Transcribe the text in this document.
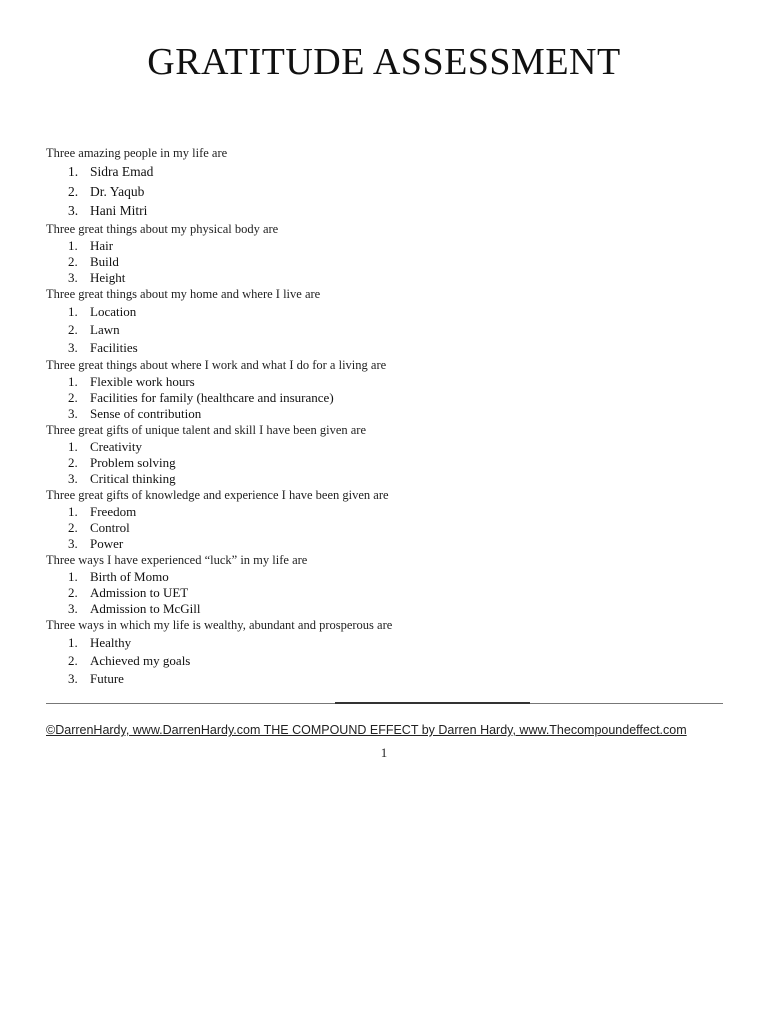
GRATITUDE ASSESSMENT
Three amazing people in my life are
1. Sidra Emad
2. Dr. Yaqub
3. Hani Mitri
Three great things about my physical body are
1. Hair
2. Build
3. Height
Three great things about my home and where I live are
1. Location
2. Lawn
3. Facilities
Three great things about where I work and what I do for a living are
1. Flexible work hours
2. Facilities for family (healthcare and insurance)
3. Sense of contribution
Three great gifts of unique talent and skill I have been given are
1. Creativity
2. Problem solving
3. Critical thinking
Three great gifts of knowledge and experience I have been given are
1. Freedom
2. Control
3. Power
Three ways I have experienced “luck” in my life are
1. Birth of Momo
2. Admission to UET
3. Admission to McGill
Three ways in which my life is wealthy, abundant and prosperous are
1. Healthy
2. Achieved my goals
3. Future
©DarrenHardy, www.DarrenHardy.com THE COMPOUND EFFECT by Darren Hardy, www.Thecompoundeffect.com
1
